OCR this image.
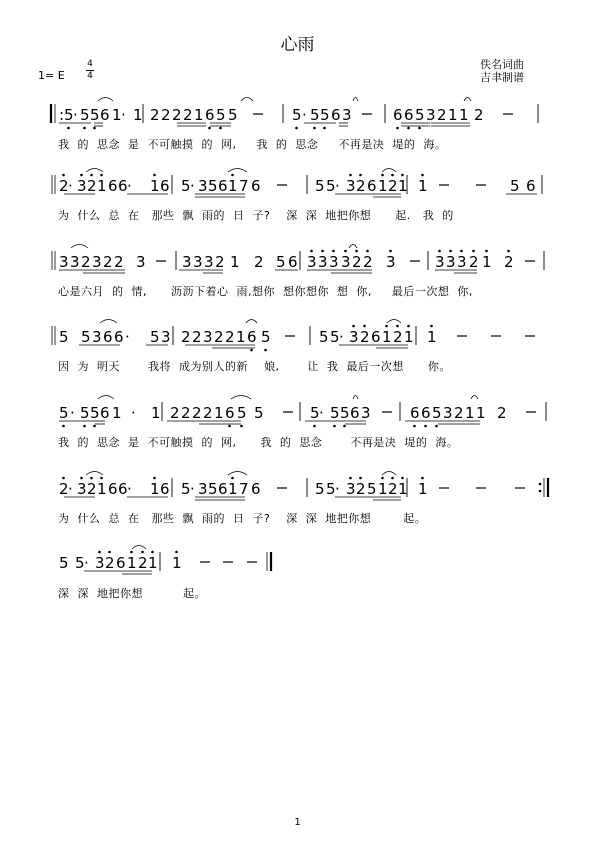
心雨
佚名词曲
吉聿制谱
1= E
4
4
: 5 · 5 5 6 1 · 1 2 2 2 2 1 6 5 5	5 · 5 5 6 3	6 6 5 3 2 1 1 2
2 · 3 2 1 6 6 · 1 6 5 · 3 5 6 1 7 6	5 5 · 3 2 6 1 2 1 1	5 6
3 3 2 3 2 2 3 3 3 3 2 1 2 5 6 3 3 3 3 2 2 3	3 3 3 2 1 2
5 5 3 6 6 · 5 3 2 2 3 2 2 1 6 5	5 5 · 3 2 6 1 2 1 1
5 · 5 5 6 1 · 1 2 2 2 2 1 6 5 5	5 · 5 5 6 3	6 6 5 3 2 1 1 2
2 · 3 2 1 6 6 · 1 6 5 · 3 5 6 1 7 6	5 5 · 3 2 5 1 2 1 1
5 5 · 3 2 6 1 2 1 1
我  的  思念  是  不可触摸  的  网,     我  的  思念     不再是决  堤的  海。
为  什么  总  在   那些  飘  雨的  日  子?    深  深  地把你想      起.   我  的
心是六月  的  情,      沥沥下着心  雨,想你  想你想你  想  你,     最后一次想  你,
因  为  明天       我将  成为别人的新    娘,       让  我  最后一次想      你。
我  的  思念  是  不可触摸  的  网,      我  的  思念       不再是决  堤的  海。
为  什么  总  在   那些  飘  雨的  日  子?    深  深  地把你想        起。
深  深  地把你想          起。
1
